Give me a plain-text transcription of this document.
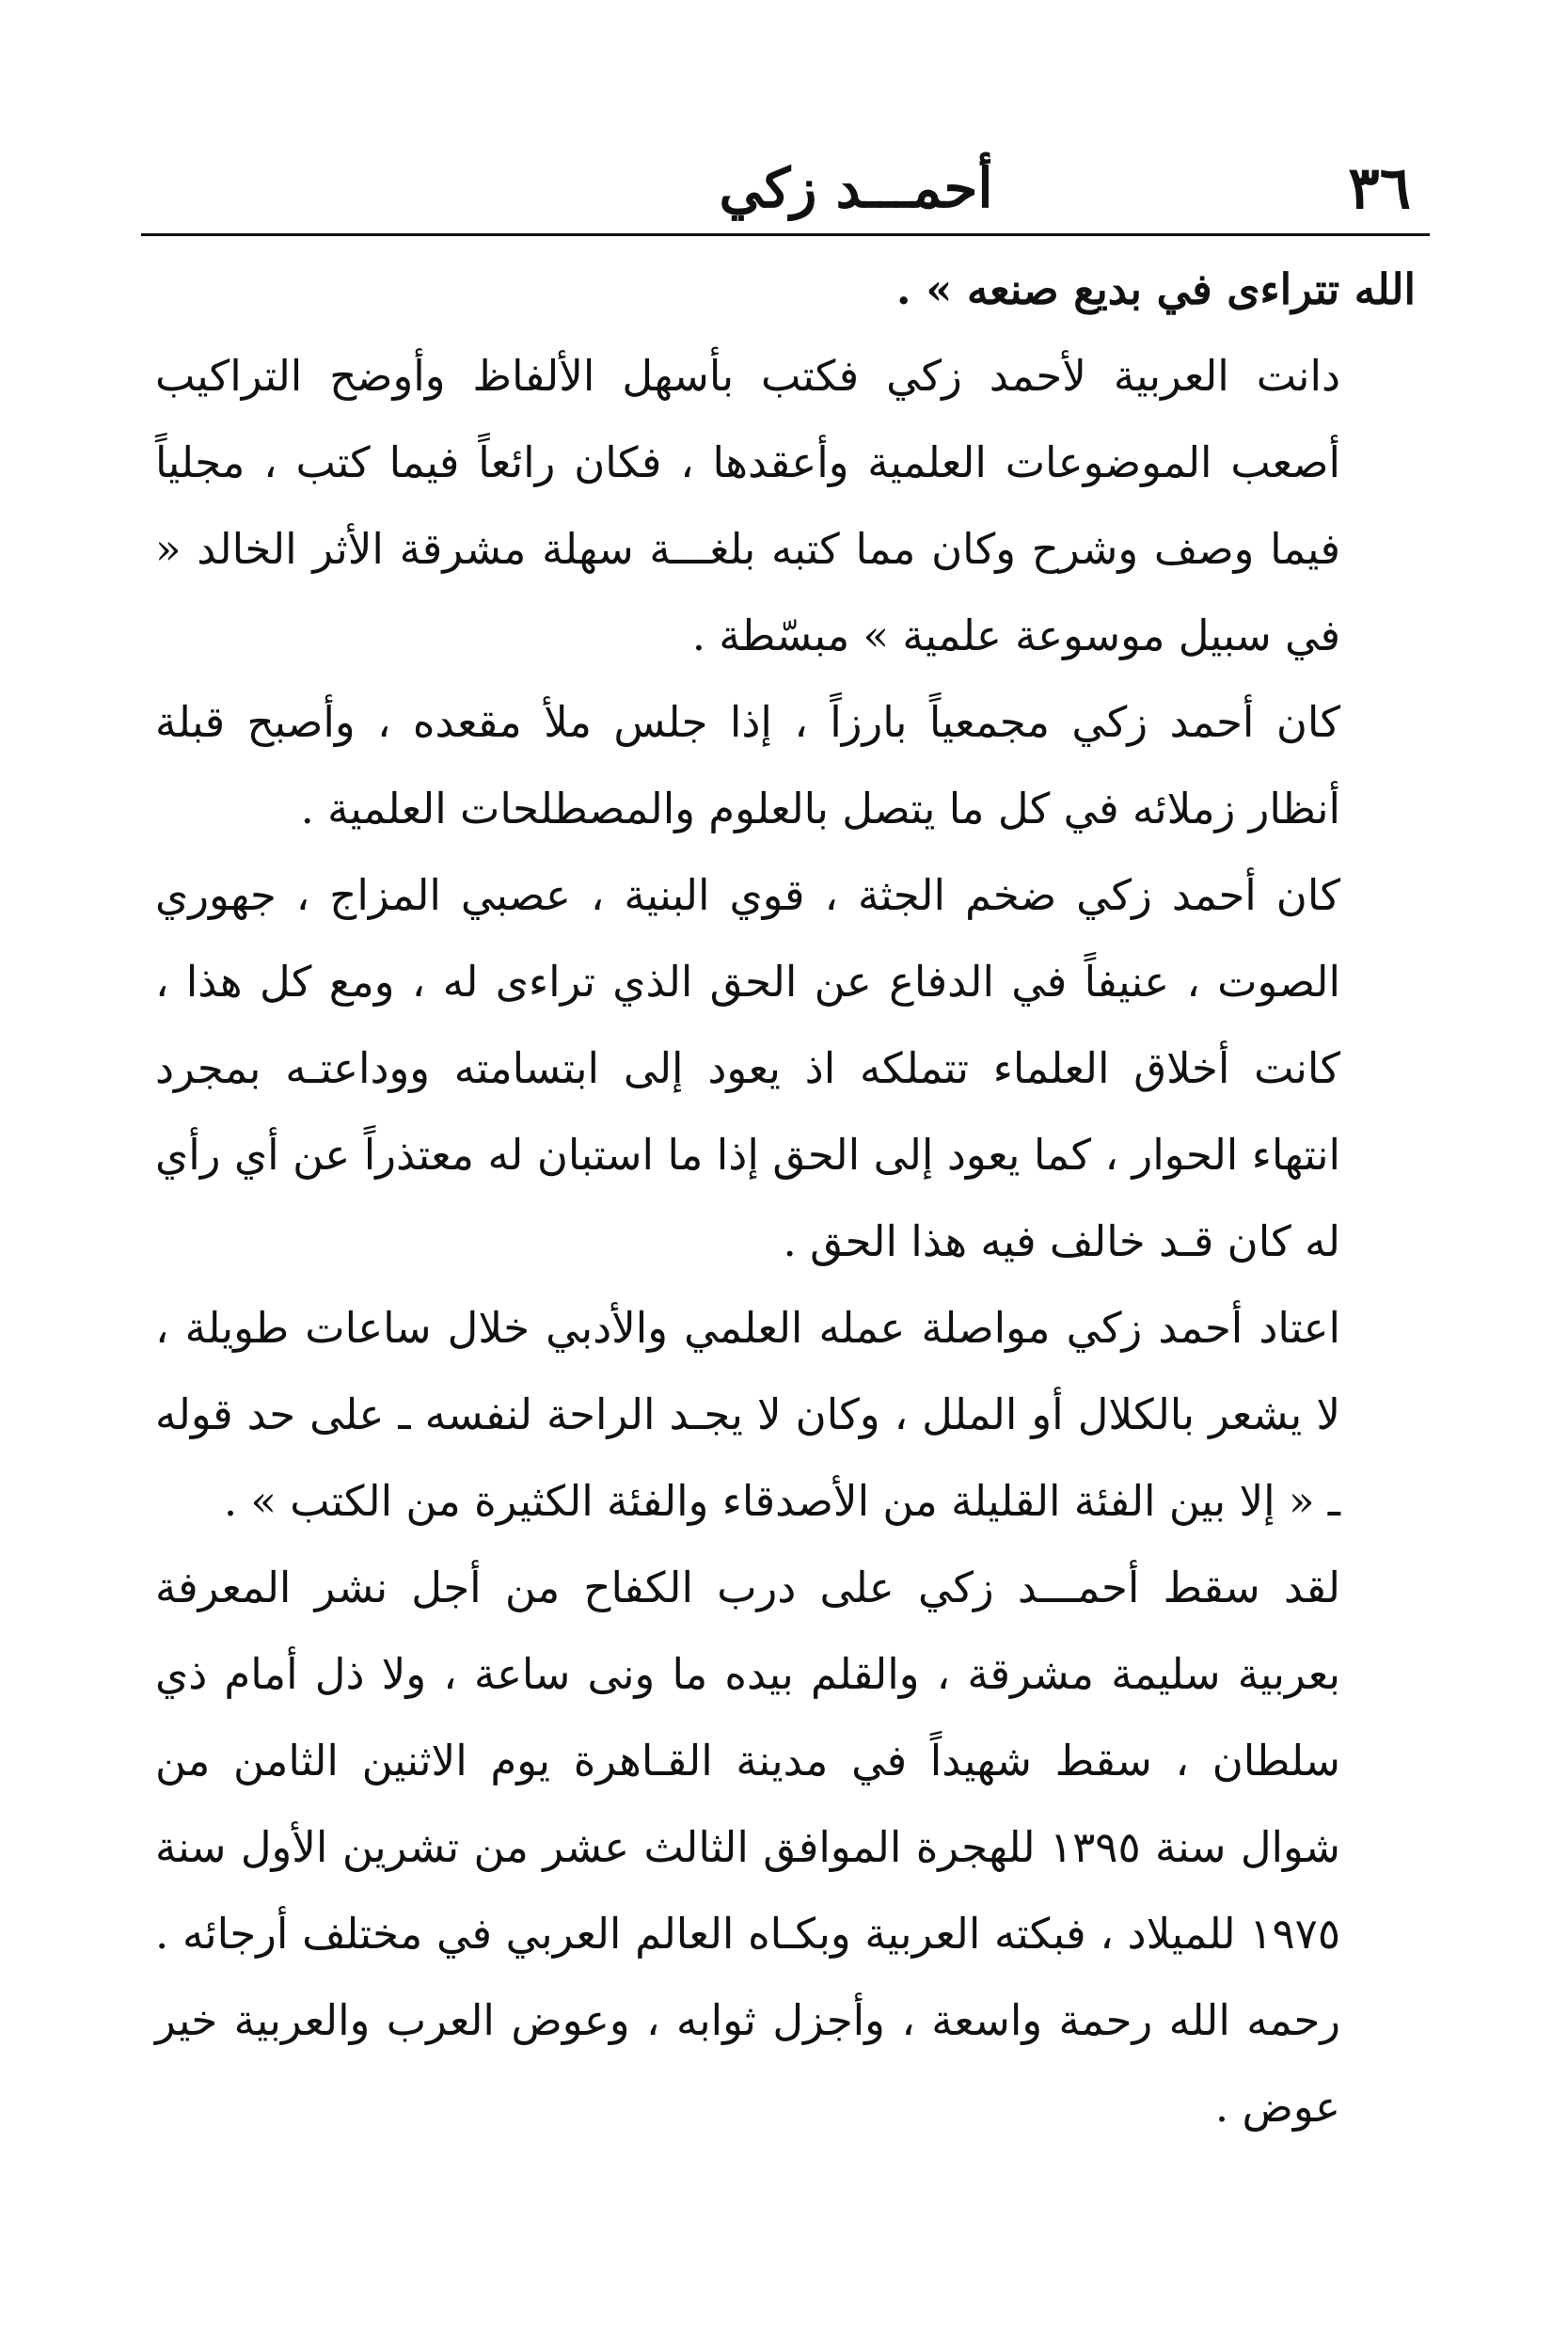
٣٦
أحمـــد زكي

الله تتراءى في بديع صنعه » .

دانت العربية لأحمد زكي فكتب بأسهل الألفاظ وأوضح التراكيب أصعب الموضوعات العلمية وأعقدها ، فكان رائعاً فيما كتب ، مجلياً فيما وصف وشرح وكان مما كتبه بلغـــة سهلة مشرقة الأثر الخالد « في سبيل موسوعة علمية » مبسّطة .

كان أحمد زكي مجمعياً بارزاً ، إذا جلس ملأ مقعده ، وأصبح قبلة أنظار زملائه في كل ما يتصل بالعلوم والمصطلحات العلمية .

كان أحمد زكي ضخم الجثة ، قوي البنية ، عصبي المزاج ، جهوري الصوت ، عنيفاً في الدفاع عن الحق الذي تراءى له ، ومع كل هذا ، كانت أخلاق العلماء تتملكه اذ يعود إلى ابتسامته ووداعتـه بمجرد انتهاء الحوار ، كما يعود إلى الحق إذا ما استبان له معتذراً عن أي رأي له كان قـد خالف فيه هذا الحق .

اعتاد أحمد زكي مواصلة عمله العلمي والأدبي خلال ساعات طويلة ، لا يشعر بالكلال أو الملل ، وكان لا يجـد الراحة لنفسه ـ على حد قوله ـ « إلا بين الفئة القليلة من الأصدقاء والفئة الكثيرة من الكتب » .

لقد سقط أحمـــد زكي على درب الكفاح من أجل نشر المعرفة بعربية سليمة مشرقة ، والقلم بيده ما ونى ساعة ، ولا ذل أمام ذي سلطان ، سقط شهيداً في مدينة القـاهرة يوم الاثنين الثامن من شوال سنة ١٣٩٥ للهجرة الموافق الثالث عشر من تشرين الأول سنة ١٩٧٥ للميلاد ، فبكته العربية وبكـاه العالم العربي في مختلف أرجائه . رحمه الله رحمة واسعة ، وأجزل ثوابه ، وعوض العرب والعربية خير عوض .
